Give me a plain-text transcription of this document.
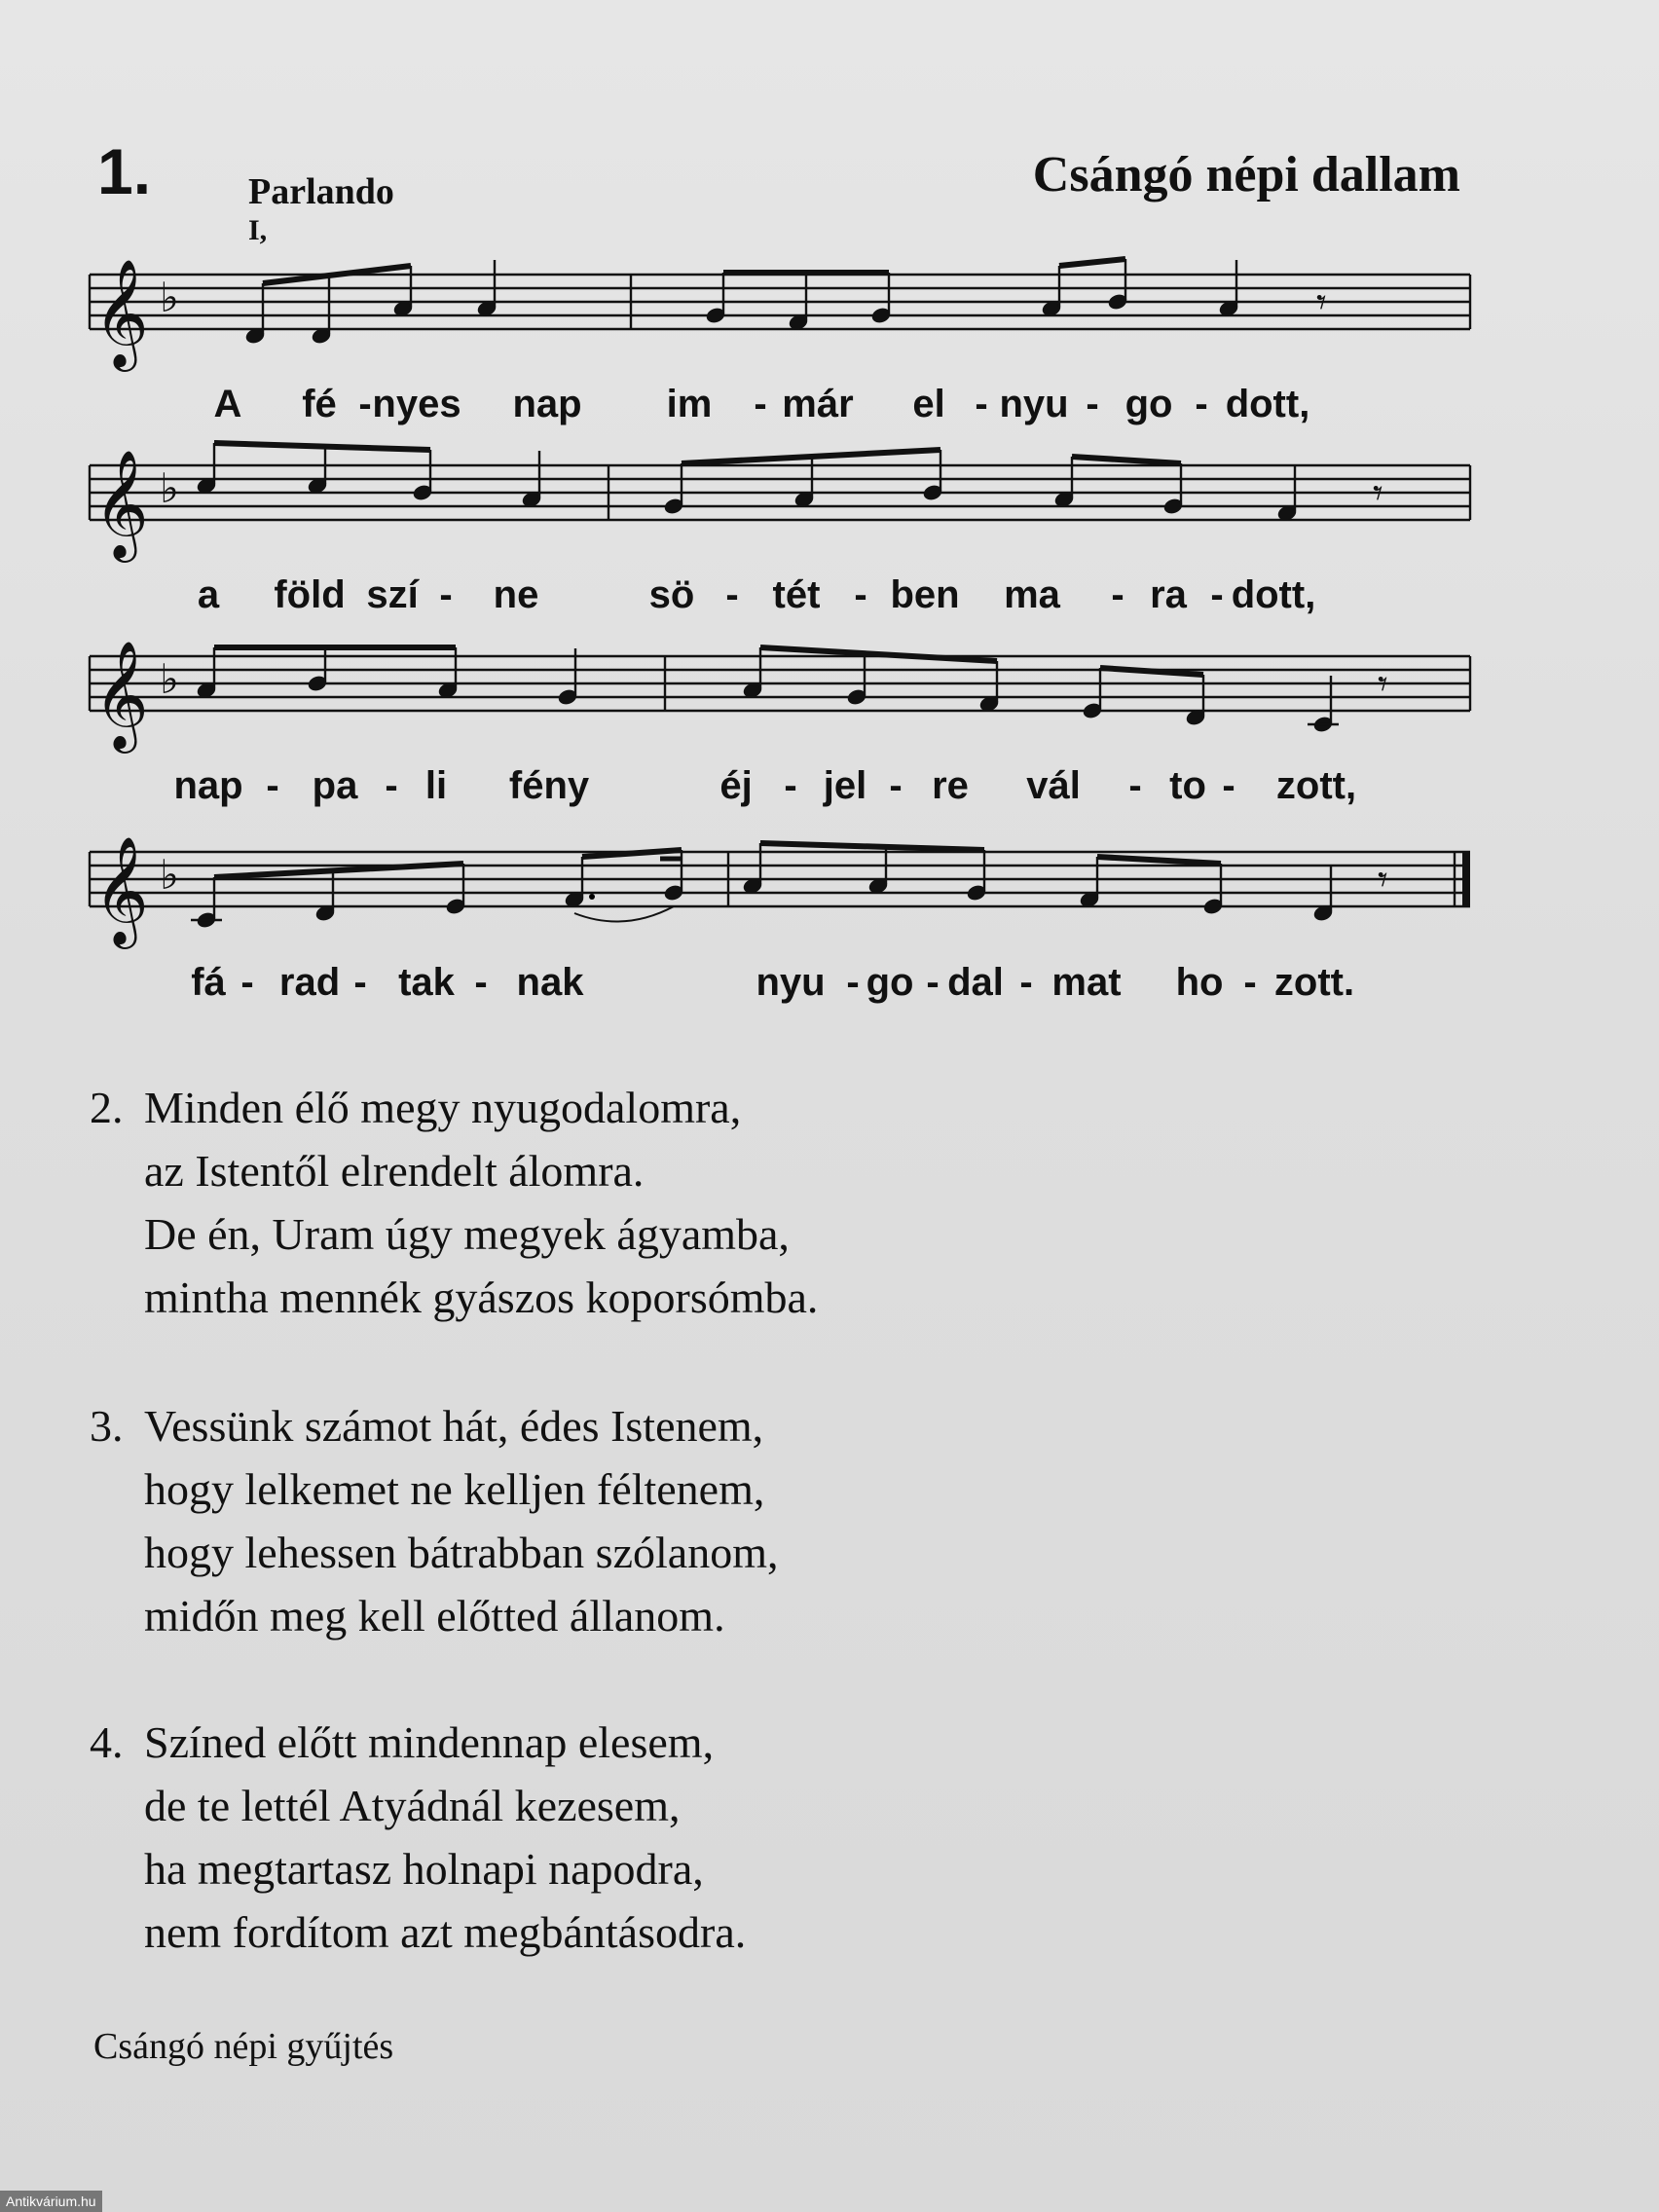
1.	Parlando
I,
Csángó népi dallam
𝄞 ♭	𝄾
𝄞 ♭	𝄾
𝄞 ♭	𝄾
𝄞 ♭	𝄾
A fé - nyes nap im - már el - nyu - go - dott,
a föld szí - ne	sö - tét - ben ma - ra - dott,
nap - pa - li fény	éj - jel - re vál - to - zott,
fá - rad - tak - nak	nyu - go - dal - mat ho - zott.
2. Minden élő megy nyugodalomra,
az Istentől elrendelt álomra.
De én, Uram úgy megyek ágyamba,
mintha mennék gyászos koporsómba.
3. Vessünk számot hát, édes Istenem,
hogy lelkemet ne kelljen féltenem,
hogy lehessen bátrabban szólanom,
midőn meg kell előtted állanom.
4. Színed előtt mindennap elesem,
de te lettél Atyádnál kezesem,
ha megtartasz holnapi napodra,
nem fordítom azt megbántásodra.
Csángó népi gyűjtés
Antikvárium.hu
